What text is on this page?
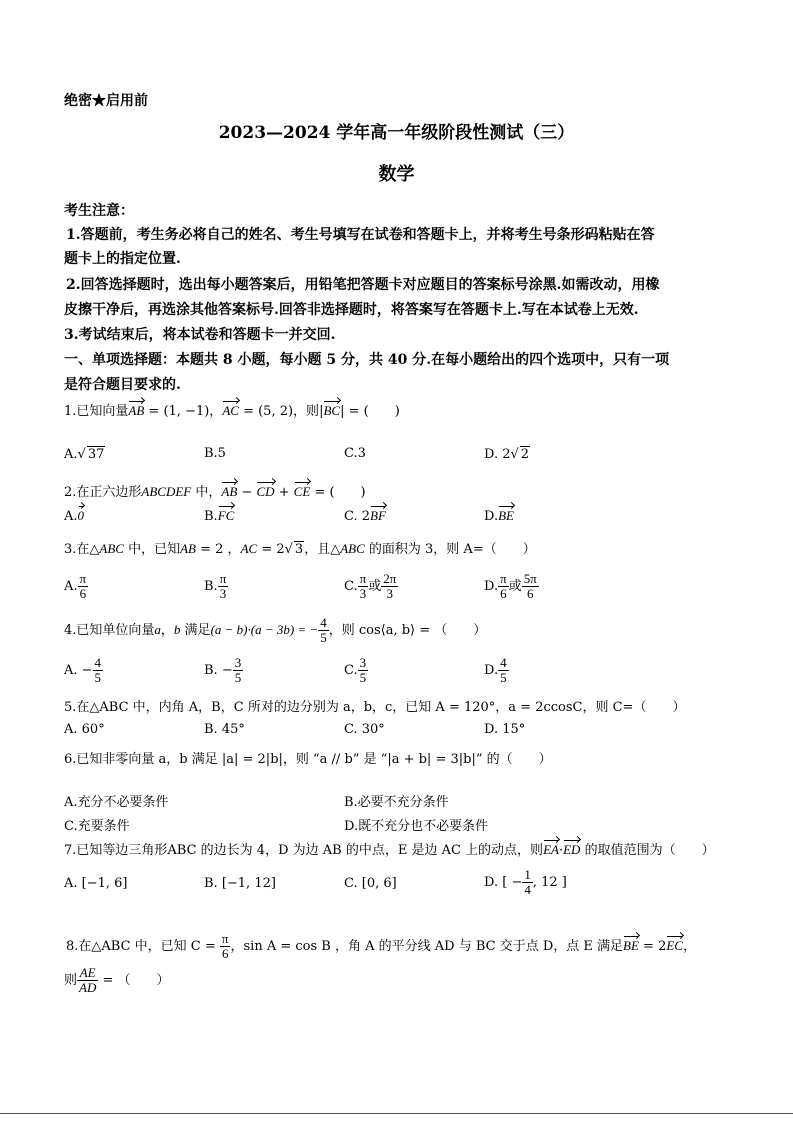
绝密★启用前
2023—2024 学年高一年级阶段性测试（三）
数学
考生注意：
1.答题前，考生务必将自己的姓名、考生号填写在试卷和答题卡上，并将考生号条形码粘贴在答
题卡上的指定位置.
2.回答选择题时，选出每小题答案后，用铅笔把答题卡对应题目的答案标号涂黑.如需改动，用橡
皮擦干净后，再选涂其他答案标号.回答非选择题时，将答案写在答题卡上.写在本试卷上无效.
3.考试结束后，将本试卷和答题卡一并交回.
一、单项选择题：本题共 8 小题，每小题 5 分，共 40 分.在每小题给出的四个选项中，只有一项
是符合题目要求的.
1.已知向量AB = (1, −1)，AC = (5, 2)，则|BC| = (　　)
A.√ 37	B.5	C.3	D. 2√ 2
2.在正六边形ABCDEF 中，AB − CD + CE = (　　)
A.0	B.FC	C. 2BF	D.BE
3.在△ABC 中，已知AB = 2 ，AC = 2√ 3，且△ABC 的面积为 3，则 A=（　　）
A. $\frac{\pi}{6}$	B. $\frac{\pi}{3}$	C. $\frac{\pi}{3}$ 或 $\frac{2\pi}{3}$	D. $\frac{\pi}{6}$ 或 $\frac{5\pi}{6}$
4.已知单位向量a，b 满足(a − b)·(a − 3b) = − $\frac{4}{5}$ ，则 cos⟨a, b⟩ = （　　）
A. − $\frac{4}{5}$	B. − $\frac{3}{5}$	C. $\frac{3}{5}$	D. $\frac{4}{5}$
5.在△ABC 中，内角 A，B，C 所对的边分别为 a，b，c，已知 A = 120°，a = 2ccosC，则 C=（　　）
A. 60°	B. 45°	C. 30°	D. 15°
6.已知非零向量 a，b 满足 |a| = 2|b|，则 “a // b” 是 “|a + b| = 3|b|” 的（　　）
A.充分不必要条件	B.必要不充分条件
C.充要条件	D.既不充分也不必要条件
7.已知等边三角形ABC 的边长为 4，D 为边 AB 的中点，E 是边 AC 上的动点，则EA·ED 的取值范围为（　　）
A. [−1, 6]	B. [−1, 12]	C. [0, 6]	D. [ − $\frac{1}{4}$ , 12 ]
8.在△ABC 中，已知 $C = \frac{\pi}{6}$ ，sin A = cos B ，角 A 的平分线 AD 与 BC 交于点 D，点 E 满足BE = 2EC，
则 $\frac{AE}{AD}$ = （　　）
